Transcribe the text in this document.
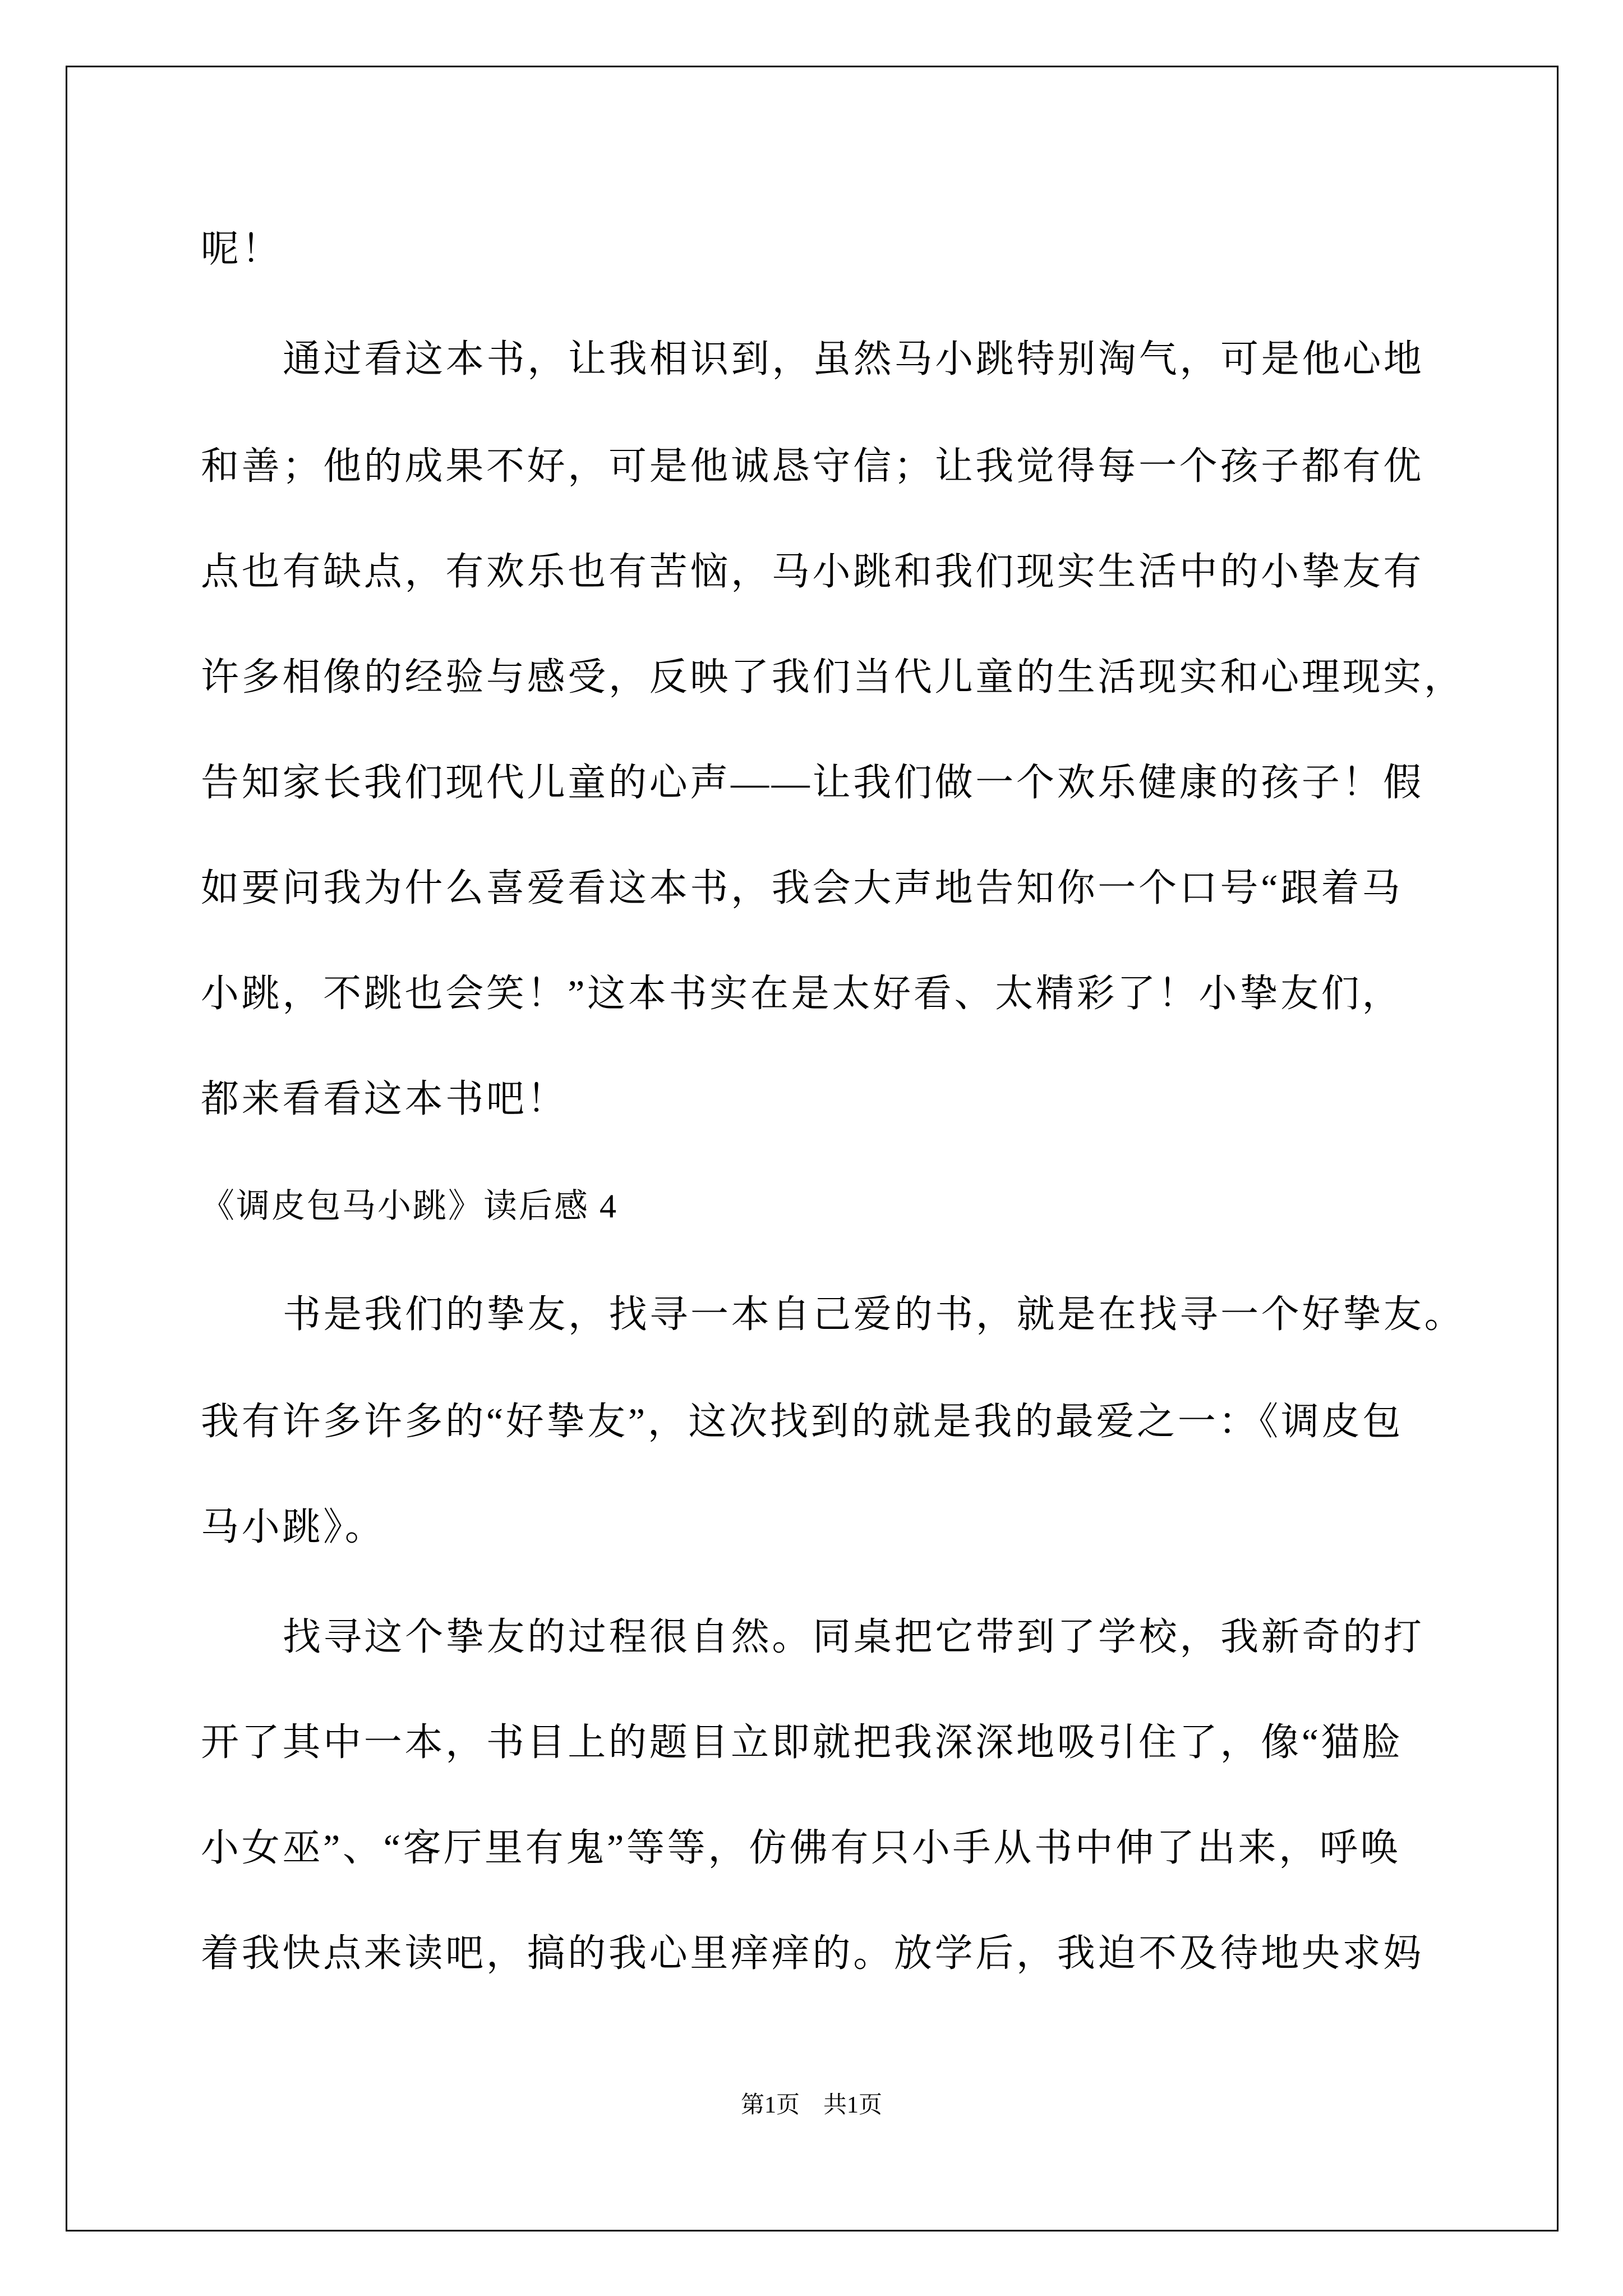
呢！
通过看这本书，让我相识到，虽然马小跳特别淘气，可是他心地
和善；他的成果不好，可是他诚恳守信；让我觉得每一个孩子都有优
点也有缺点，有欢乐也有苦恼，马小跳和我们现实生活中的小挚友有
许多相像的经验与感受，反映了我们当代儿童的生活现实和心理现实，
告知家长我们现代儿童的心声——让我们做一个欢乐健康的孩子！假
如要问我为什么喜爱看这本书，我会大声地告知你一个口号“跟着马
小跳，不跳也会笑！”这本书实在是太好看、太精彩了！小挚友们，
都来看看这本书吧！
《调皮包马小跳》读后感 4
书是我们的挚友，找寻一本自己爱的书，就是在找寻一个好挚友。
我有许多许多的“好挚友”，这次找到的就是我的最爱之一：《调皮包
马小跳》。
找寻这个挚友的过程很自然。同桌把它带到了学校，我新奇的打
开了其中一本，书目上的题目立即就把我深深地吸引住了，像“猫脸
小女巫”、“客厅里有鬼”等等，仿佛有只小手从书中伸了出来，呼唤
着我快点来读吧，搞的我心里痒痒的。放学后，我迫不及待地央求妈
第1页　共1页
